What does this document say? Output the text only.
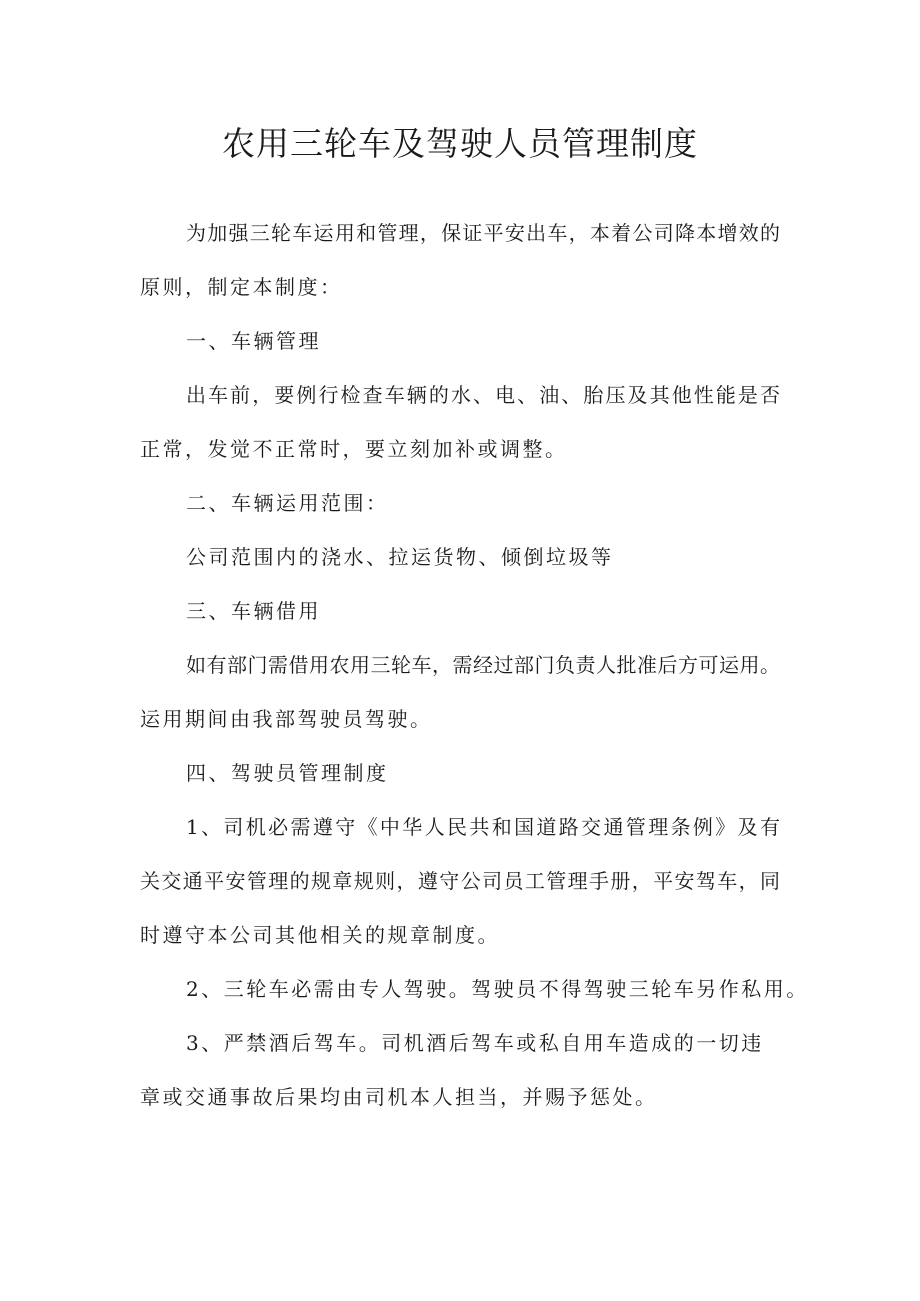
农用三轮车及驾驶人员管理制度
为加强三轮车运用和管理，保证平安出车，本着公司降本增效的
原则，制定本制度：
一、车辆管理
出车前，要例行检查车辆的水、电、油、胎压及其他性能是否
正常，发觉不正常时，要立刻加补或调整。
二、车辆运用范围：
公司范围内的浇水、拉运货物、倾倒垃圾等
三、车辆借用
如有部门需借用农用三轮车，需经过部门负责人批准后方可运用。
运用期间由我部驾驶员驾驶。
四、驾驶员管理制度
1、司机必需遵守《中华人民共和国道路交通管理条例》及有
关交通平安管理的规章规则，遵守公司员工管理手册，平安驾车，同
时遵守本公司其他相关的规章制度。
2、三轮车必需由专人驾驶。驾驶员不得驾驶三轮车另作私用。
3、严禁酒后驾车。司机酒后驾车或私自用车造成的一切违
章或交通事故后果均由司机本人担当，并赐予惩处。
